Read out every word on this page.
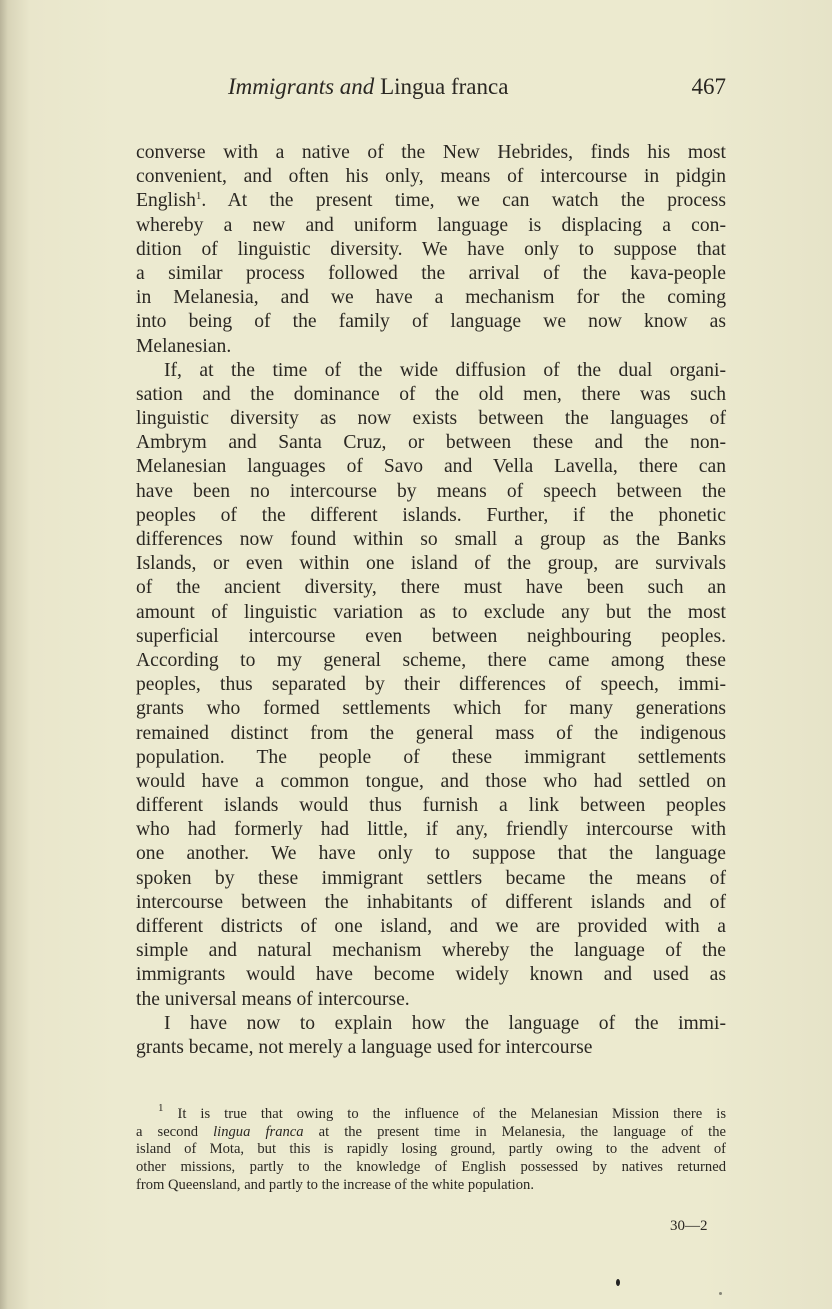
Immigrants and Lingua franca	467
converse with a native of the New Hebrides, finds his most
convenient, and often his only, means of intercourse in pidgin
English$^1$. At the present time, we can watch the process
whereby a new and uniform language is displacing a con-
dition of linguistic diversity. We have only to suppose that
a similar process followed the arrival of the kava-people
in Melanesia, and we have a mechanism for the coming
into being of the family of language we now know as
Melanesian.
If, at the time of the wide diffusion of the dual organi-
sation and the dominance of the old men, there was such
linguistic diversity as now exists between the languages of
Ambrym and Santa Cruz, or between these and the non-
Melanesian languages of Savo and Vella Lavella, there can
have been no intercourse by means of speech between the
peoples of the different islands. Further, if the phonetic
differences now found within so small a group as the Banks
Islands, or even within one island of the group, are survivals
of the ancient diversity, there must have been such an
amount of linguistic variation as to exclude any but the most
superficial intercourse even between neighbouring peoples.
According to my general scheme, there came among these
peoples, thus separated by their differences of speech, immi-
grants who formed settlements which for many generations
remained distinct from the general mass of the indigenous
population. The people of these immigrant settlements
would have a common tongue, and those who had settled on
different islands would thus furnish a link between peoples
who had formerly had little, if any, friendly intercourse with
one another. We have only to suppose that the language
spoken by these immigrant settlers became the means of
intercourse between the inhabitants of different islands and of
different districts of one island, and we are provided with a
simple and natural mechanism whereby the language of the
immigrants would have become widely known and used as
the universal means of intercourse.
I have now to explain how the language of the immi-
grants became, not merely a language used for intercourse
$^1$ It is true that owing to the influence of the Melanesian Mission there is
a second lingua franca at the present time in Melanesia, the language of the
island of Mota, but this is rapidly losing ground, partly owing to the advent of
other missions, partly to the knowledge of English possessed by natives returned
from Queensland, and partly to the increase of the white population.
30—2
